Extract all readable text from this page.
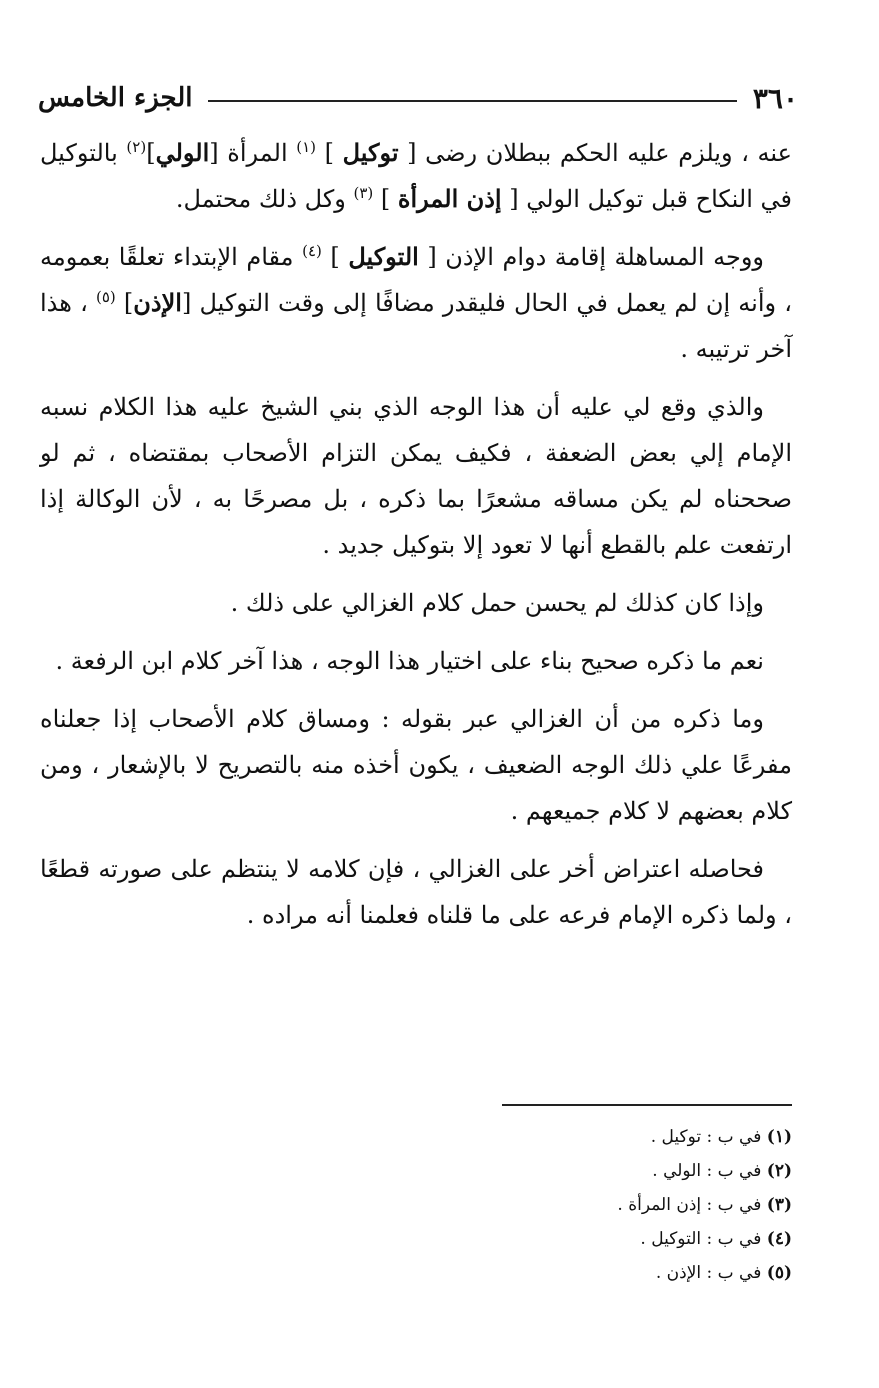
٣٦٠
الجزء الخامس

عنه ، ويلزم عليه الحكم ببطلان رضى [ توكيل ] $^{(١)}$ المرأة [الولي]$^{(٢)}$ بالتوكيل في النكاح قبل توكيل الولي [ إذن المرأة ] $^{(٣)}$ وكل ذلك محتمل.

ووجه المساهلة إقامة دوام الإذن [ التوكيل ] $^{(٤)}$ مقام الإبتداء تعلقًا بعمومه ، وأنه إن لم يعمل في الحال فليقدر مضافًا إلى وقت التوكيل [الإذن] $^{(٥)}$ ، هذا آخر ترتيبه .

والذي وقع لي عليه أن هذا الوجه الذي بني الشيخ عليه هذا الكلام نسبه الإمام إلي بعض الضعفة ، فكيف يمكن التزام الأصحاب بمقتضاه ، ثم لو صححناه لم يكن مساقه مشعرًا بما ذكره ، بل مصرحًا به ، لأن الوكالة إذا ارتفعت علم بالقطع أنها لا تعود إلا بتوكيل جديد .

وإذا كان كذلك لم يحسن حمل كلام الغزالي على ذلك .

نعم ما ذكره صحيح بناء على اختيار هذا الوجه ، هذا آخر كلام ابن الرفعة .

وما ذكره من أن الغزالي عبر بقوله : ومساق كلام الأصحاب إذا جعلناه مفرعًا علي ذلك الوجه الضعيف ، يكون أخذه منه بالتصريح لا بالإشعار ، ومن كلام بعضهم لا كلام جميعهم .

فحاصله اعتراض أخر على الغزالي ، فإن كلامه لا ينتظم على صورته قطعًا ، ولما ذكره الإمام فرعه على ما قلناه فعلمنا أنه مراده .

(١) في ب : توكيل .
(٢) في ب : الولي .
(٣) في ب : إذن المرأة .
(٤) في ب : التوكيل .
(٥) في ب : الإذن .
